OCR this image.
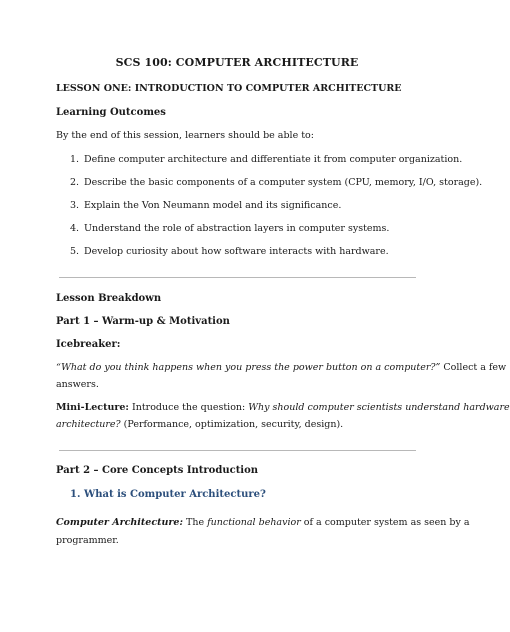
SCS 100: COMPUTER ARCHITECTURE
LESSON ONE: INTRODUCTION TO COMPUTER ARCHITECTURE
Learning Outcomes
By the end of this session, learners should be able to:
1. Define computer architecture and differentiate it from computer organization.
2. Describe the basic components of a computer system (CPU, memory, I/O, storage).
3. Explain the Von Neumann model and its significance.
4. Understand the role of abstraction layers in computer systems.
5. Develop curiosity about how software interacts with hardware.
Lesson Breakdown
Part 1 – Warm-up & Motivation
Icebreaker:
“What do you think happens when you press the power button on a computer?” Collect a few
answers.
Mini-Lecture: Introduce the question: Why should computer scientists understand hardware
architecture? (Performance, optimization, security, design).
Part 2 – Core Concepts Introduction
1. What is Computer Architecture?
Computer Architecture: The functional behavior of a computer system as seen by a
programmer.
